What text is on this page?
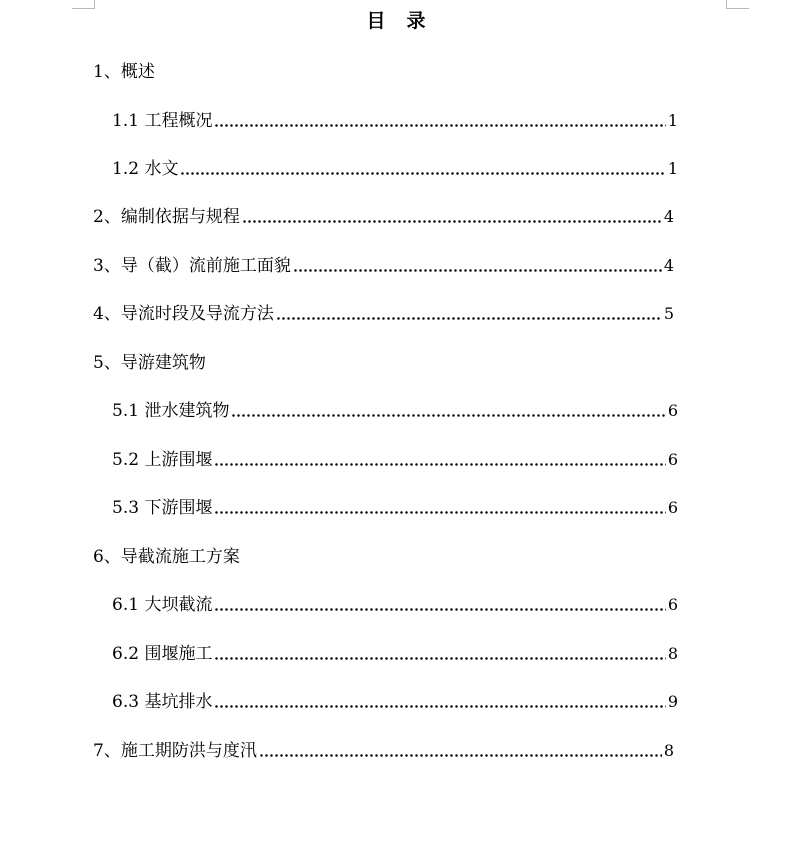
目　录
1、概述
1.1 工程概况	1
1.2 水文	1
2、编制依据与规程	4
3、导（截）流前施工面貌	4
4、导流时段及导流方法	5
5、导游建筑物
5.1 泄水建筑物	6
5.2 上游围堰	6
5.3 下游围堰	6
6、导截流施工方案
6.1 大坝截流	6
6.2 围堰施工	8
6.3 基坑排水	9
7、施工期防洪与度汛	8
